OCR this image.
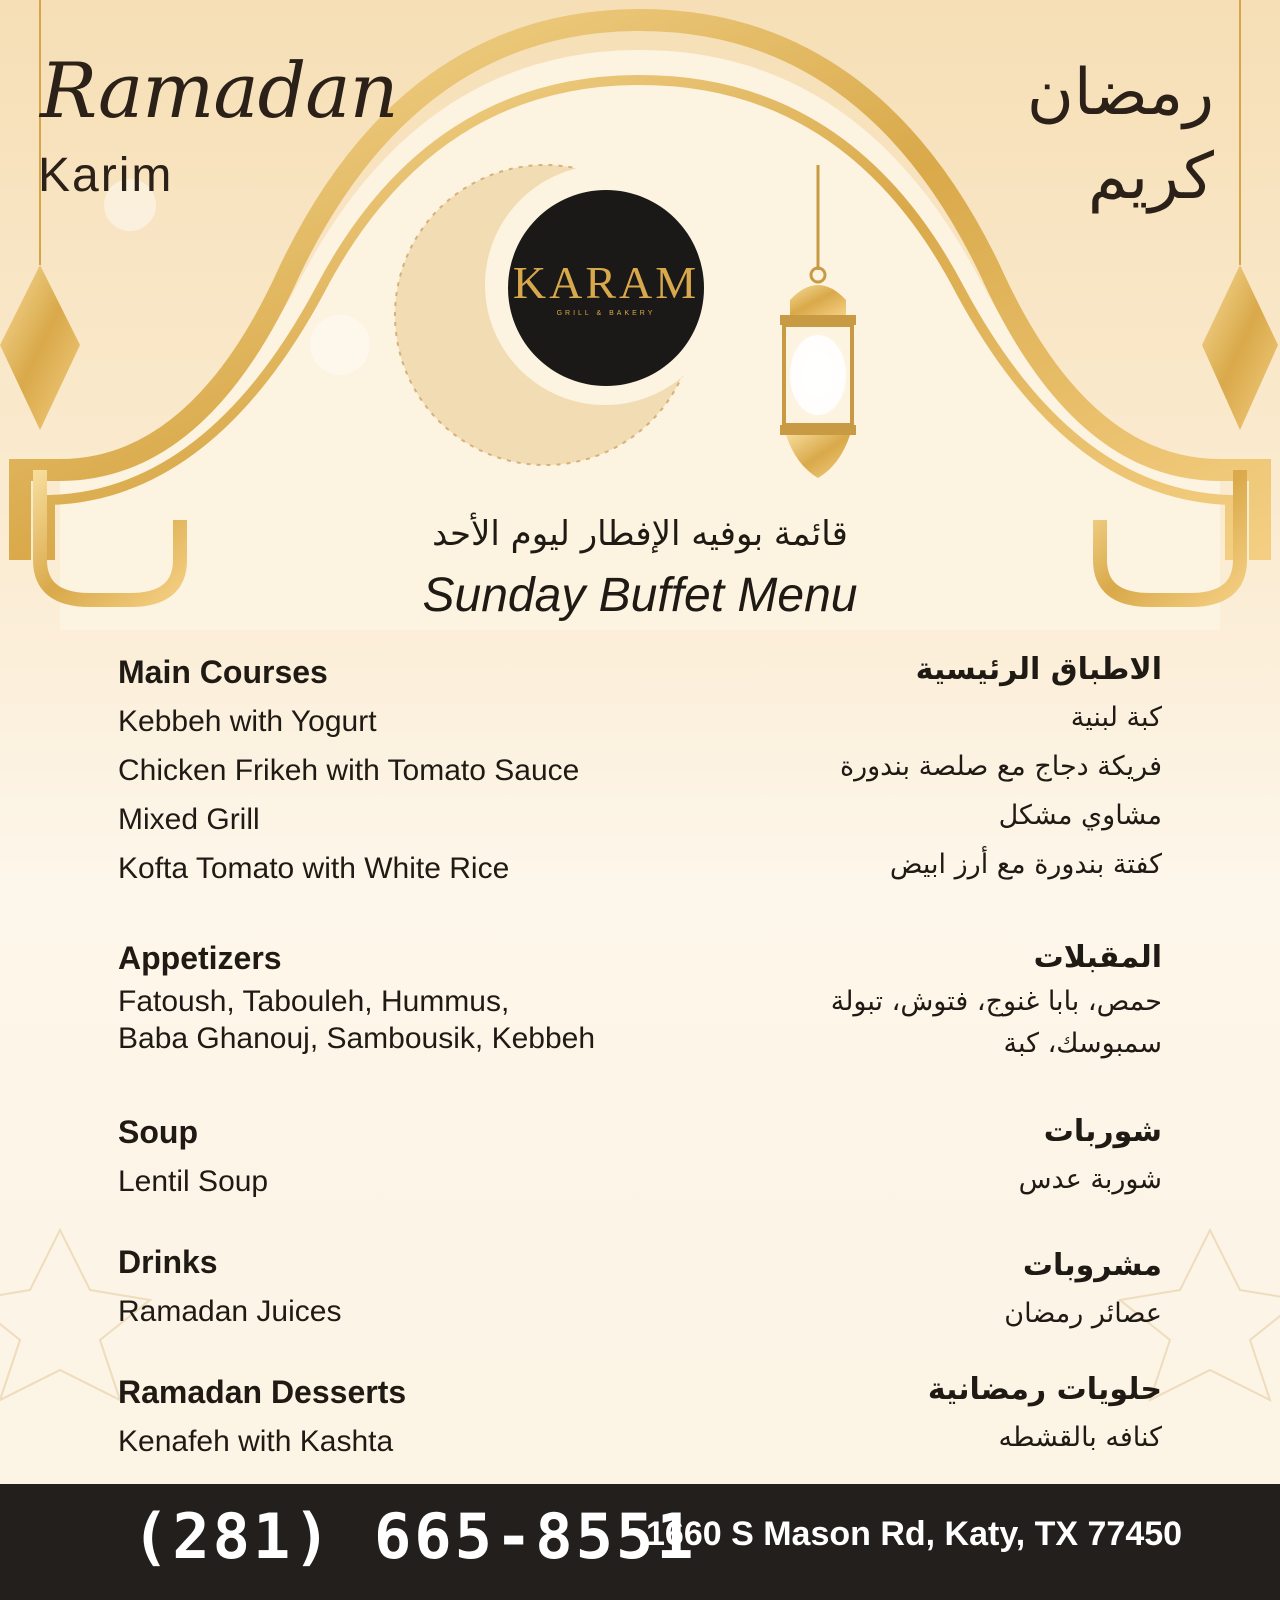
Ramadan
Karim
رمضان
كريم
KARAM
GRILL & BAKERY
قائمة بوفيه الإفطار ليوم الأحد
Sunday Buffet Menu
Main Courses
Kebbeh with Yogurt
Chicken Frikeh with Tomato Sauce
Mixed Grill
Kofta Tomato with White Rice
الاطباق الرئيسية
كبة لبنية
فريكة دجاج مع صلصة بندورة
مشاوي مشكل
كفتة بندورة مع أرز ابيض
Appetizers
Fatoush, Tabouleh, Hummus,
Baba Ghanouj, Sambousik, Kebbeh
المقبلات
حمص، بابا غنوج، فتوش، تبولة
سمبوسك، كبة
Soup
Lentil Soup
شوربات
شوربة عدس
Drinks
Ramadan Juices
مشروبات
عصائر رمضان
Ramadan Desserts
Kenafeh with Kashta
حلويات رمضانية
كنافه بالقشطه
(281) 665-8551
1660 S Mason Rd, Katy, TX 77450
